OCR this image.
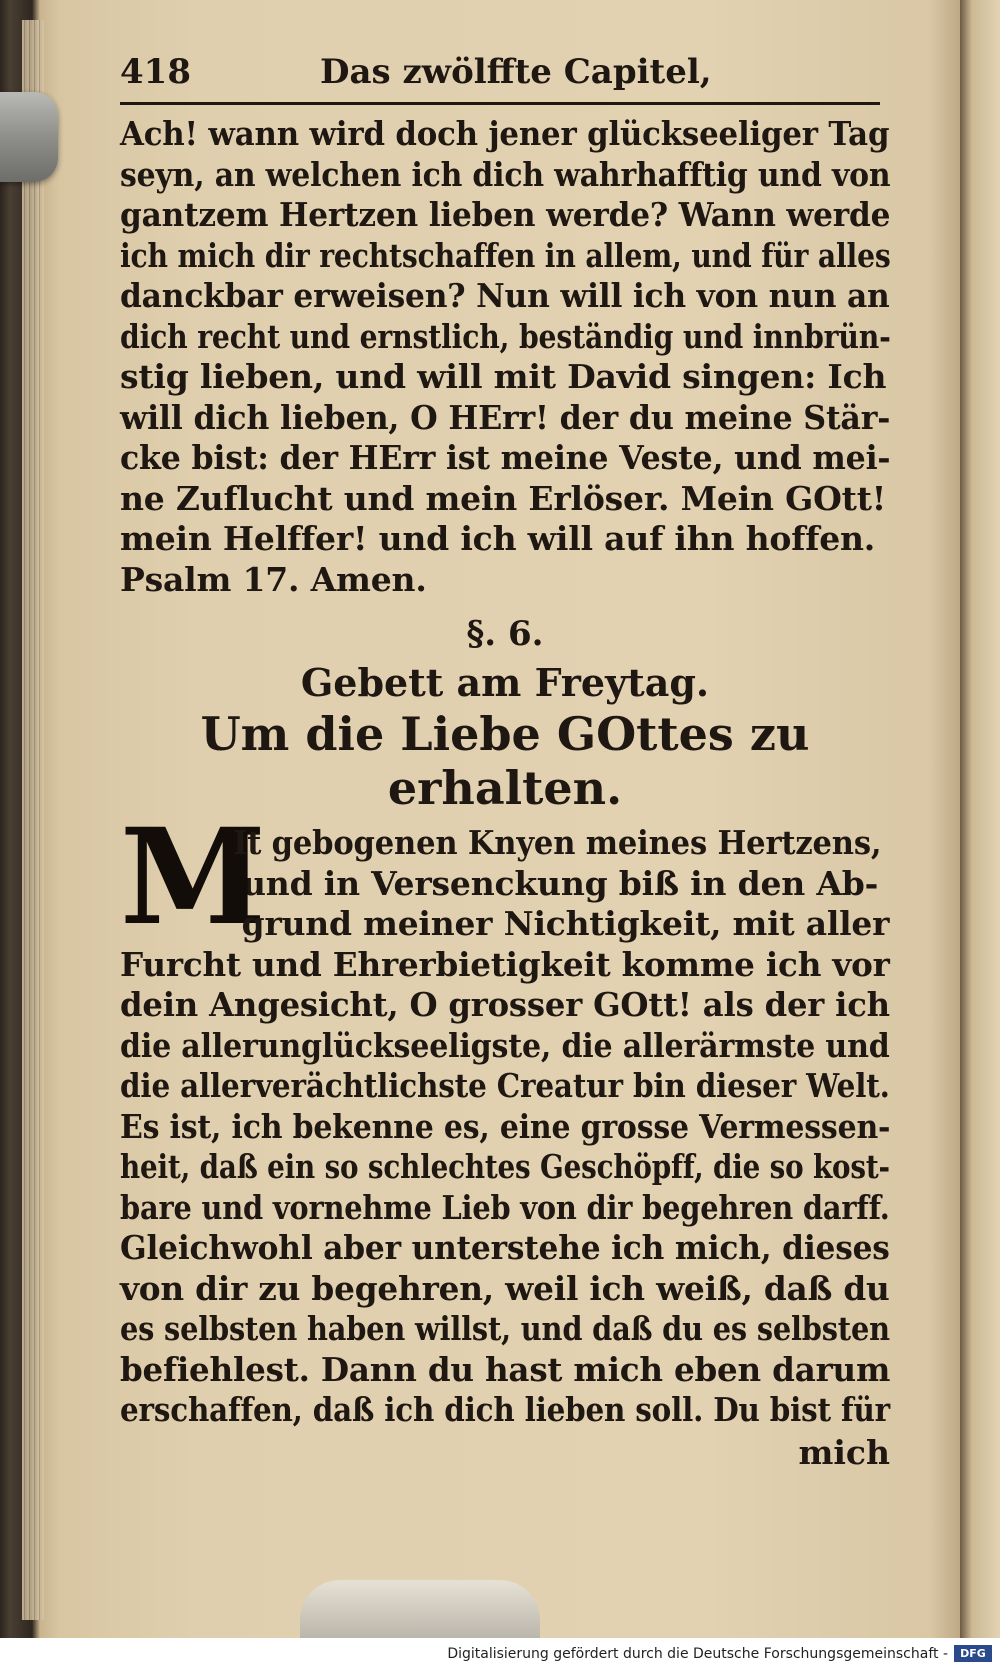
418	Das zwölffte Capitel,
Ach! wann wird doch jener glückseeliger Tag
seyn, an welchen ich dich wahrhafftig und von
gantzem Hertzen lieben werde? Wann werde
ich mich dir rechtschaffen in allem, und für alles
danckbar erweisen? Nun will ich von nun an
dich recht und ernstlich, beständig und innbrün-
stig lieben, und will mit David singen: Ich
will dich lieben, O HErr! der du meine Stär-
cke bist: der HErr ist meine Veste, und mei-
ne Zuflucht und mein Erlöser. Mein GOtt!
mein Helffer! und ich will auf ihn hoffen.
Psalm 17. Amen.
§. 6.
Gebett am Freytag.
Um die Liebe GOttes zu erhalten.
M
It gebogenen Knyen meines Hertzens,
und in Versenckung biß in den Ab-
grund meiner Nichtigkeit, mit aller
Furcht und Ehrerbietigkeit komme ich vor
dein Angesicht, O grosser GOtt! als der ich
die allerunglückseeligste, die allerärmste und
die allerverächtlichste Creatur bin dieser Welt.
Es ist, ich bekenne es, eine grosse Vermessen-
heit, daß ein so schlechtes Geschöpff, die so kost-
bare und vornehme Lieb von dir begehren darff.
Gleichwohl aber unterstehe ich mich, dieses
von dir zu begehren, weil ich weiß, daß du
es selbsten haben willst, und daß du es selbsten
befiehlest. Dann du hast mich eben darum
erschaffen, daß ich dich lieben soll. Du bist für
mich
Digitalisierung gefördert durch die Deutsche Forschungsgemeinschaft -	DFG
